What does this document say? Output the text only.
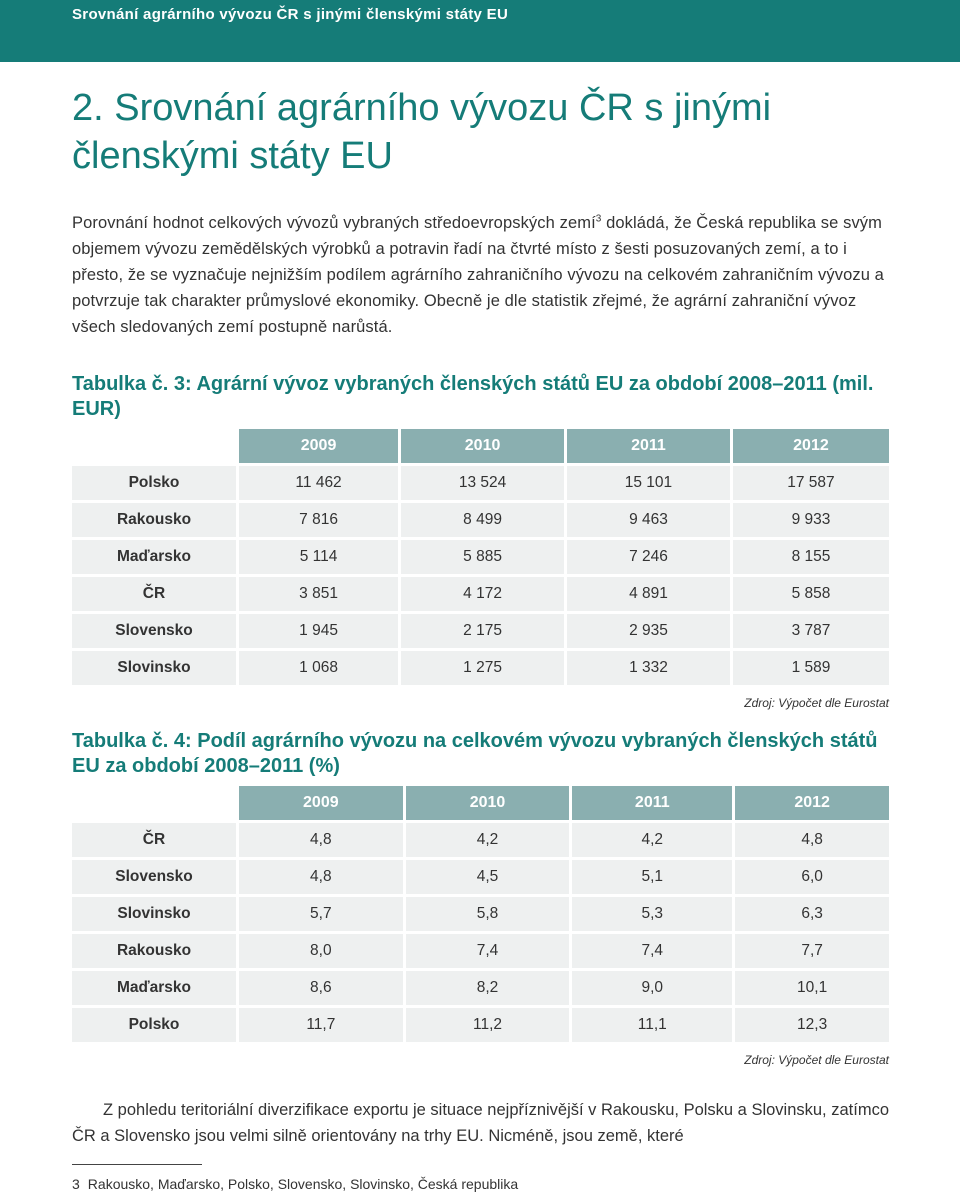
Srovnání agrárního vývozu ČR s jinými členskými státy EU
2. Srovnání agrárního vývozu ČR s jinými členskými státy EU

Porovnání hodnot celkových vývozů vybraných středoevropských zemí$^3$ dokládá, že Česká republika se svým objemem vývozu zemědělských výrobků a potravin řadí na čtvrté místo z šesti posuzovaných zemí, a to i přesto, že se vyznačuje nejnižším podílem agrárního zahraničního vývozu na celkovém zahraničním vývozu a potvrzuje tak charakter průmyslové ekonomiky. Obecně je dle statistik zřejmé, že agrární zahraniční vývoz všech sledovaných zemí postupně narůstá.

Tabulka č. 3: Agrární vývoz vybraných členských států EU za období 2008–2011 (mil. EUR)
	2009	2010	2011	2012
Polsko	11 462	13 524	15 101	17 587
Rakousko	7 816	8 499	9 463	9 933
Maďarsko	5 114	5 885	7 246	8 155
ČR	3 851	4 172	4 891	5 858
Slovensko	1 945	2 175	2 935	3 787
Slovinsko	1 068	1 275	1 332	1 589
Zdroj: Výpočet dle Eurostat
Tabulka č. 4: Podíl agrárního vývozu na celkovém vývozu vybraných členských států EU za období 2008–2011 (%)
	2009	2010	2011	2012
ČR	4,8	4,2	4,2	4,8
Slovensko	4,8	4,5	5,1	6,0
Slovinsko	5,7	5,8	5,3	6,3
Rakousko	8,0	7,4	7,4	7,7
Maďarsko	8,6	8,2	9,0	10,1
Polsko	11,7	11,2	11,1	12,3
Zdroj: Výpočet dle Eurostat

Z pohledu teritoriální diverzifikace exportu je situace nejpříznivější v Rakousku, Polsku a Slovinsku, zatímco ČR a Slovensko jsou velmi silně orientovány na trhy EU. Nicméně, jsou země, které

3 Rakousko, Maďarsko, Polsko, Slovensko, Slovinsko, Česká republika
